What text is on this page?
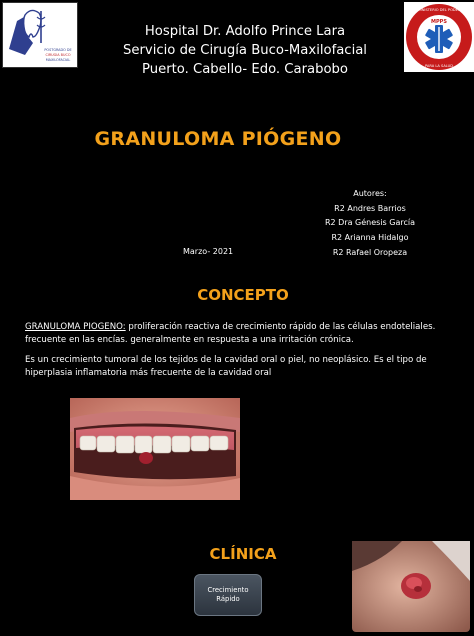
POSTGRADO DE
CIRUGIA BUCO
MAXILOFACIAL
MPPS
MINISTERIO DEL PODER
PARA LA SALUD
Hospital Dr. Adolfo Prince Lara
Servicio de Cirugía Buco-Maxilofacial
Puerto. Cabello- Edo. Carabobo
GRANULOMA PIÓGENO
Autores:
R2 Andres Barrios
R2 Dra Génesis García
R2 Arianna Hidalgo
R2 Rafael Oropeza
Marzo- 2021
CONCEPTO
GRANULOMA PIOGENO: proliferación reactiva de crecimiento rápido de las células endoteliales. frecuente en las encías. generalmente en respuesta a una irritación crónica.
Es un crecimiento tumoral de los tejidos de la cavidad oral o piel, no neoplásico. Es el tipo de hiperplasia inflamatoria más frecuente de la cavidad oral
CLÍNICA
Crecimiento Rápido
